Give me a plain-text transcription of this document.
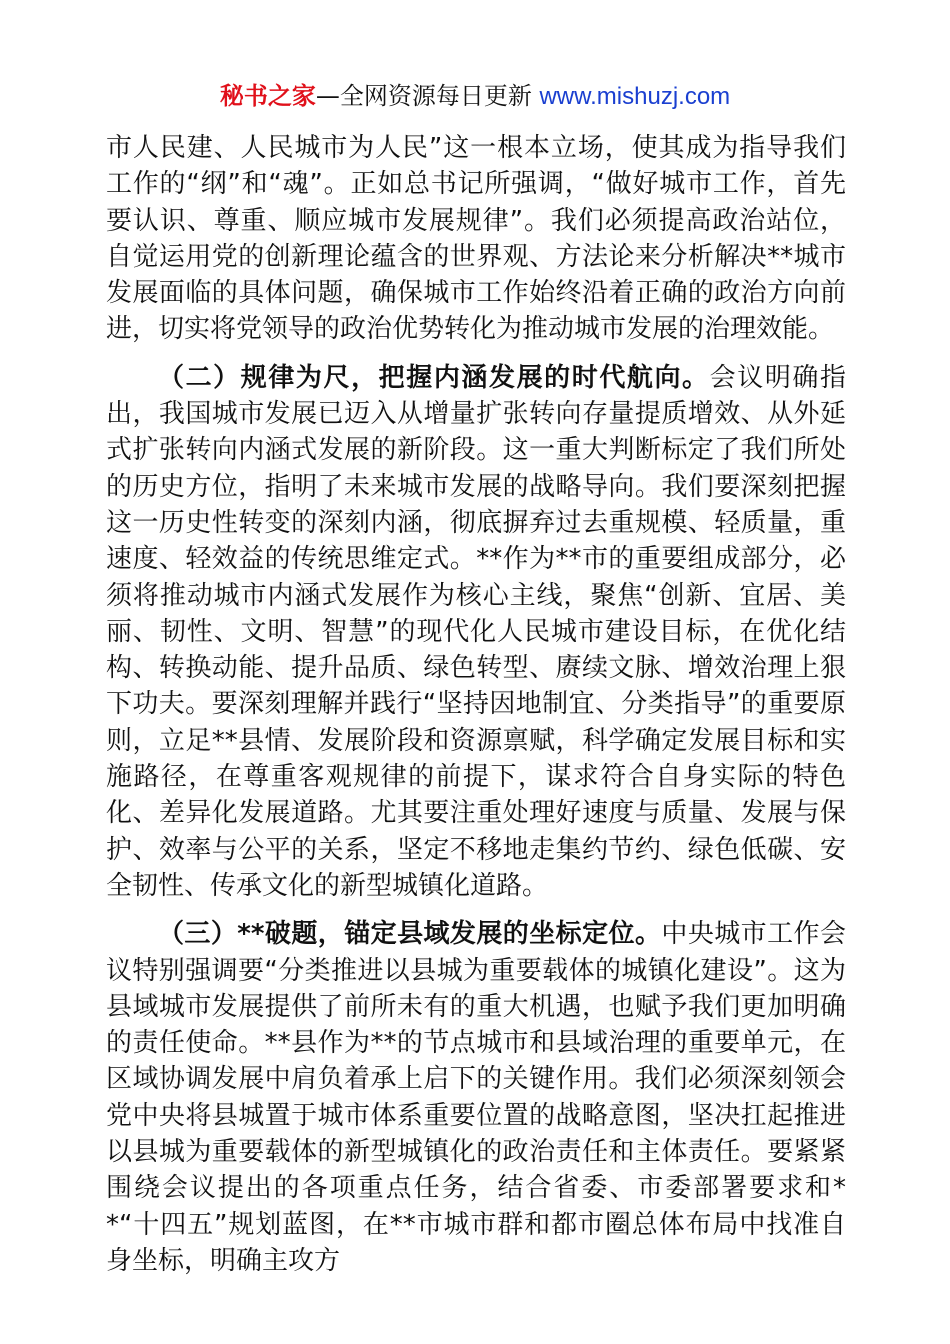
秘书之家—全网资源每日更新 www.mishuzj.com

市人民建、人民城市为人民”这一根本立场，使其成为指导我们工作的“纲”和“魂”。正如总书记所强调，“做好城市工作，首先要认识、尊重、顺应城市发展规律”。我们必须提高政治站位，自觉运用党的创新理论蕴含的世界观、方法论来分析解决**城市发展面临的具体问题，确保城市工作始终沿着正确的政治方向前进，切实将党领导的政治优势转化为推动城市发展的治理效能。

（二）规律为尺，把握内涵发展的时代航向。会议明确指出，我国城市发展已迈入从增量扩张转向存量提质增效、从外延式扩张转向内涵式发展的新阶段。这一重大判断标定了我们所处的历史方位，指明了未来城市发展的战略导向。我们要深刻把握这一历史性转变的深刻内涵，彻底摒弃过去重规模、轻质量，重速度、轻效益的传统思维定式。**作为**市的重要组成部分，必须将推动城市内涵式发展作为核心主线，聚焦“创新、宜居、美丽、韧性、文明、智慧”的现代化人民城市建设目标，在优化结构、转换动能、提升品质、绿色转型、赓续文脉、增效治理上狠下功夫。要深刻理解并践行“坚持因地制宜、分类指导”的重要原则，立足**县情、发展阶段和资源禀赋，科学确定发展目标和实施路径，在尊重客观规律的前提下，谋求符合自身实际的特色化、差异化发展道路。尤其要注重处理好速度与质量、发展与保护、效率与公平的关系，坚定不移地走集约节约、绿色低碳、安全韧性、传承文化的新型城镇化道路。

（三）**破题，锚定县域发展的坐标定位。中央城市工作会议特别强调要“分类推进以县城为重要载体的城镇化建设”。这为县域城市发展提供了前所未有的重大机遇，也赋予我们更加明确的责任使命。**县作为**的节点城市和县域治理的重要单元，在区域协调发展中肩负着承上启下的关键作用。我们必须深刻领会党中央将县城置于城市体系重要位置的战略意图，坚决扛起推进以县城为重要载体的新型城镇化的政治责任和主体责任。要紧紧围绕会议提出的各项重点任务，结合省委、市委部署要求和**“十四五”规划蓝图，在**市城市群和都市圈总体布局中找准自身坐标，明确主攻方
